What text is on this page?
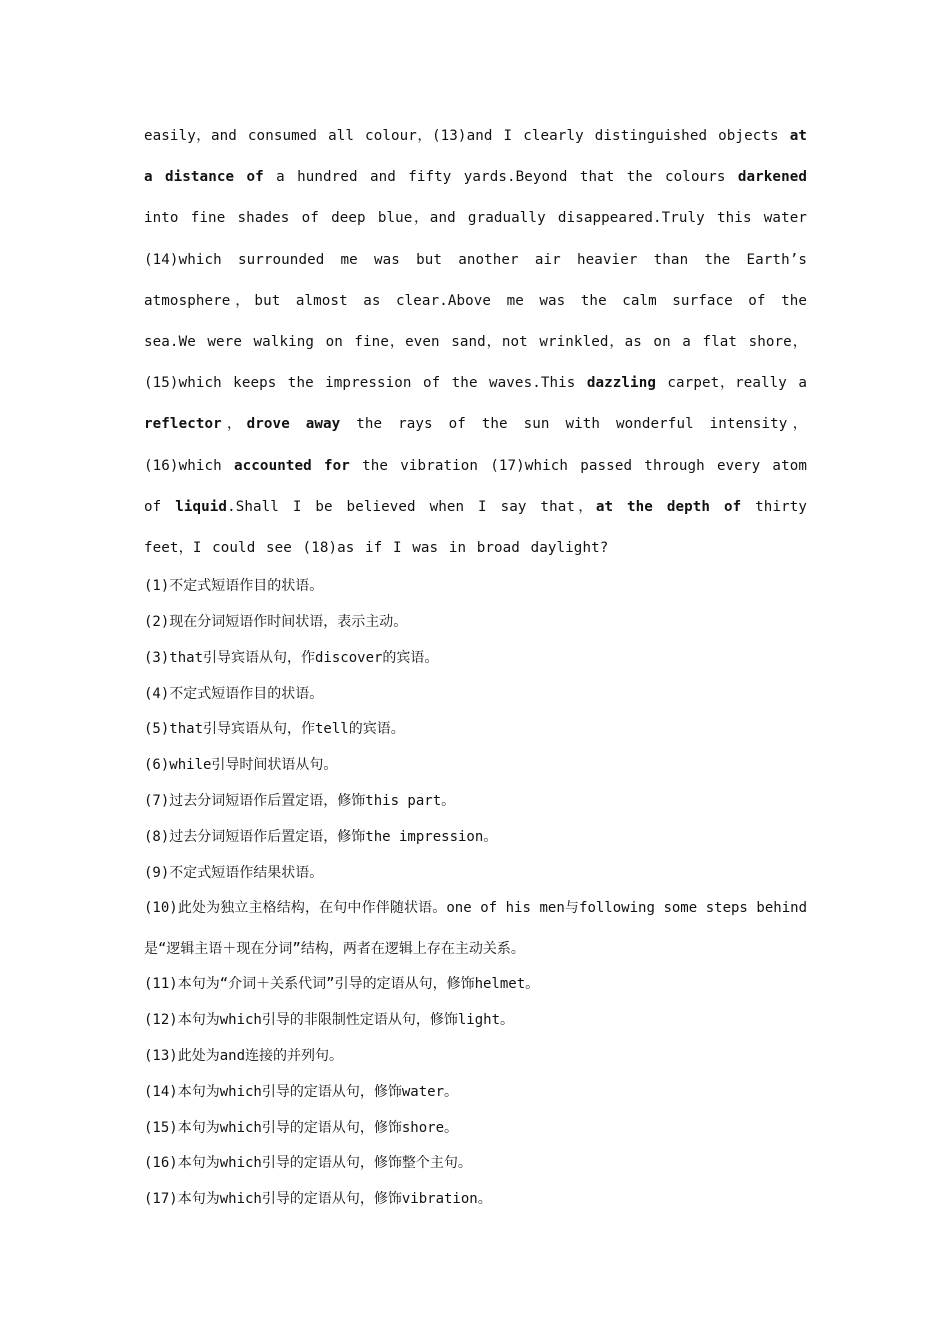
easily，and consumed all colour，(13)and I clearly distinguished objects at a distance of a hundred and fifty yards.Beyond that the colours darkened into fine shades of deep blue，and gradually disappeared.Truly this water (14)which surrounded me was but another air heavier than the Earth’s atmosphere，but almost as clear.Above me was the calm surface of the sea.We were walking on fine，even sand，not wrinkled，as on a flat shore，(15)which keeps the impression of the waves.This dazzling carpet，really a reflector，drove away the rays of the sun with wonderful intensity，(16)which accounted for the vibration (17)which passed through every atom of liquid.Shall I be believed when I say that，at the depth of thirty feet，I could see (18)as if I was in broad daylight?

(1)不定式短语作目的状语。

(2)现在分词短语作时间状语，表示主动。

(3)that引导宾语从句，作discover的宾语。

(4)不定式短语作目的状语。

(5)that引导宾语从句，作tell的宾语。

(6)while引导时间状语从句。

(7)过去分词短语作后置定语，修饰this part。

(8)过去分词短语作后置定语，修饰the impression。

(9)不定式短语作结果状语。

(10)此处为独立主格结构，在句中作伴随状语。one of his men与following some steps behind是“逻辑主语＋现在分词”结构，两者在逻辑上存在主动关系。

(11)本句为“介词＋关系代词”引导的定语从句，修饰helmet。

(12)本句为which引导的非限制性定语从句，修饰light。

(13)此处为and连接的并列句。

(14)本句为which引导的定语从句，修饰water。

(15)本句为which引导的定语从句，修饰shore。

(16)本句为which引导的定语从句，修饰整个主句。

(17)本句为which引导的定语从句，修饰vibration。
